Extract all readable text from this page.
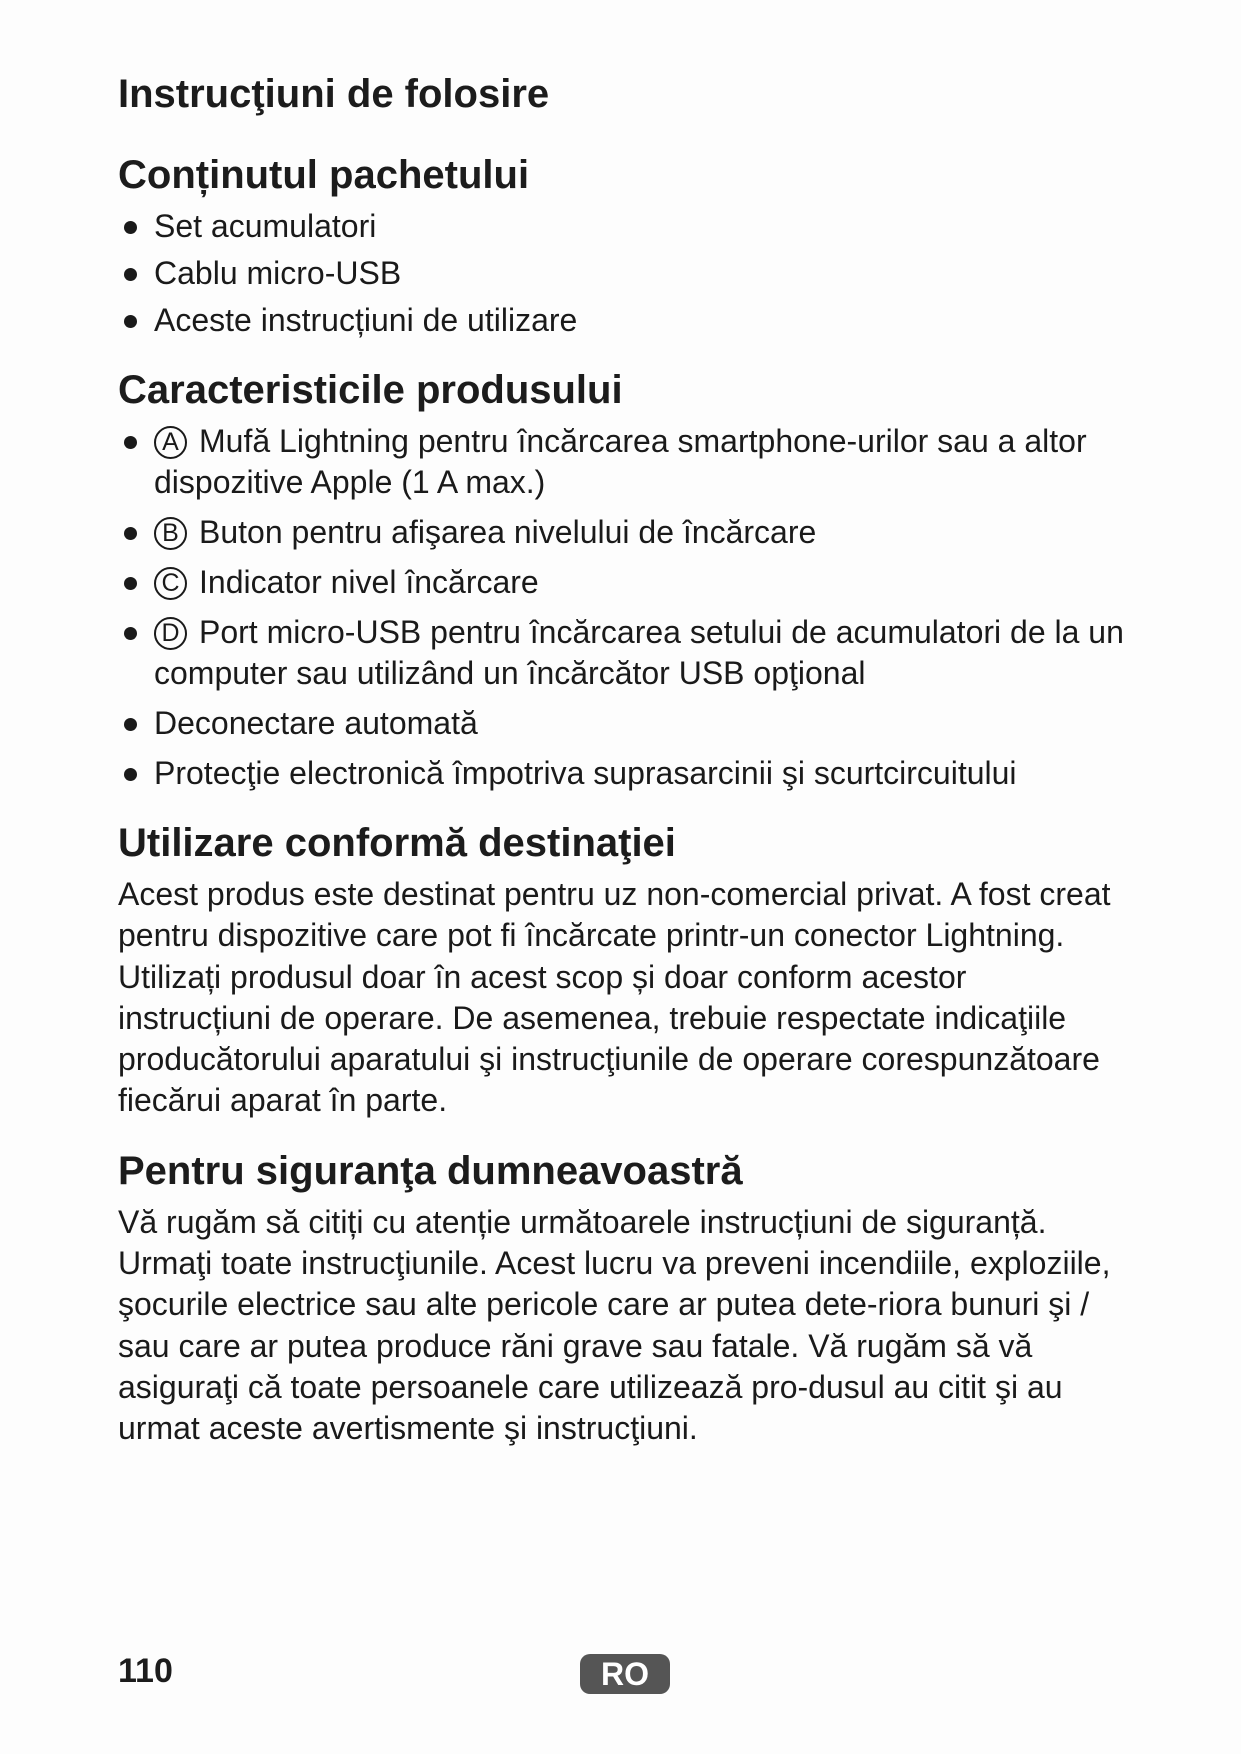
Instrucţiuni de folosire
Conținutul pachetului
Set acumulatori
Cablu micro-USB
Aceste instrucțiuni de utilizare
Caracteristicile produsului
A Mufă Lightning pentru încărcarea smartphone-urilor sau a altor dispozitive Apple (1 A max.)
B Buton pentru afişarea nivelului de încărcare
C Indicator nivel încărcare
D Port micro-USB pentru încărcarea setului de acumulatori de la un computer sau utilizând un încărcător USB opţional
Deconectare automată
Protecţie electronică împotriva suprasarcinii şi scurtcircuitului
Utilizare conformă destinaţiei

Acest produs este destinat pentru uz non-comercial privat. A fost creat pentru dispozitive care pot fi încărcate printr-un conector Lightning. Utilizați produsul doar în acest scop și doar conform acestor instrucțiuni de operare. De asemenea, trebuie respectate indicaţiile producătorului aparatului şi instrucţiunile de operare corespunzătoare fiecărui aparat în parte.

Pentru siguranţa dumneavoastră

Vă rugăm să citiți cu atenție următoarele instrucțiuni de siguranță. Urmaţi toate instrucţiunile. Acest lucru va preveni incendiile, exploziile, şocurile electrice sau alte pericole care ar putea dete-riora bunuri şi / sau care ar putea produce răni grave sau fatale. Vă rugăm să vă asiguraţi că toate persoanele care utilizează pro-dusul au citit şi au urmat aceste avertismente şi instrucţiuni.

110	RO
